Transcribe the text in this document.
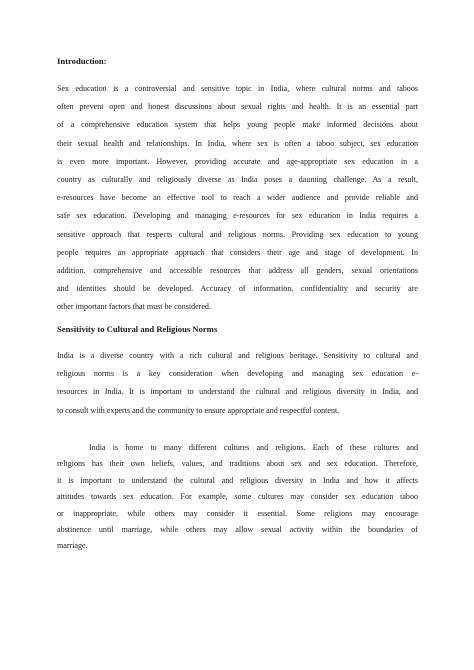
Introduction:
Sex education is a controversial and sensitive topic in India, where cultural norms and taboos
often prevent open and honest discussions about sexual rights and health. It is an essential part
of a comprehensive education system that helps young people make informed decisions about
their sexual health and relationships. In India, where sex is often a taboo subject, sex education
is even more important. However, providing accurate and age-appropriate sex education in a
country as culturally and religiously diverse as India poses a daunting challenge. As a result,
e-resources have become an effective tool to reach a wider audience and provide reliable and
safe sex education. Developing and managing e-resources for sex education in India requires a
sensitive approach that respects cultural and religious norms. Providing sex education to young
people requires an appropriate approach that considers their age and stage of development. In
addition, comprehensive and accessible resources that address all genders, sexual orientations
and identities should be developed. Accuracy of information, confidentiality and security are
other important factors that must be considered.
Sensitivity to Cultural and Religious Norms
India is a diverse country with a rich cultural and religious heritage. Sensitivity to cultural and
religious norms is a key consideration when developing and managing sex education e-
resources in India. It is important to understand the cultural and religious diversity in India, and
to consult with experts and the community to ensure appropriate and respectful content.
India is home to many different cultures and religions. Each of these cultures and
religions has their own beliefs, values, and traditions about sex and sex education. Therefore,
it is important to understand the cultural and religious diversity in India and how it affects
attitudes towards sex education. For example, some cultures may consider sex education taboo
or inappropriate, while others may consider it essential. Some religions may encourage
abstinence until marriage, while others may allow sexual activity within the boundaries of
marriage.
